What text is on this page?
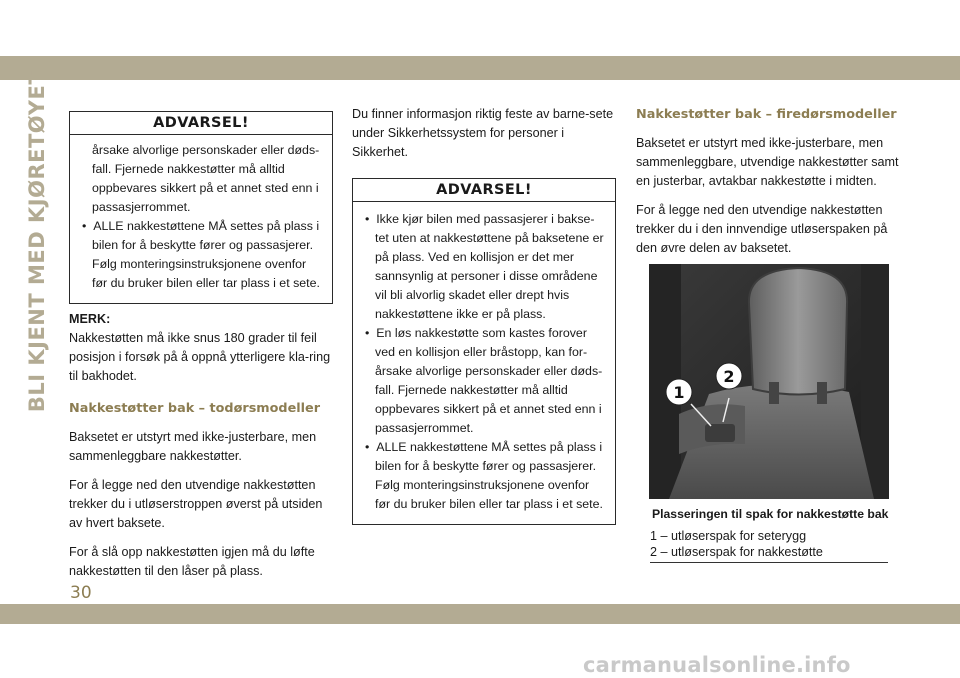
BLI KJENT MED KJØRETØYET	ADVARSEL!
årsake alvorlige personskader eller døds-fall. Fjernede nakkestøtter må alltid oppbevares sikkert på et annet sted enn i passasjerrommet.
•  ALLE nakkestøttene MÅ settes på plass i bilen for å beskytte fører og passasjerer. Følg monteringsinstruksjonene ovenfor før du bruker bilen eller tar plass i et sete.
MERK:

Nakkestøtten må ikke snus 180 grader til feil posisjon i forsøk på å oppnå ytterligere kla-ring til bakhodet.

Nakkestøtter bak – todørsmodeller

Baksetet er utstyrt med ikke-justerbare, men sammenleggbare nakkestøtter.

For å legge ned den utvendige nakkestøtten trekker du i utløserstroppen øverst på utsiden av hvert baksete.

For å slå opp nakkestøtten igjen må du løfte nakkestøtten til den låser på plass.

Du finner informasjon riktig feste av barne-sete under Sikkerhetssystem for personer i Sikkerhet.

ADVARSEL!
•  Ikke kjør bilen med passasjerer i bakse-tet uten at nakkestøttene på baksetene er på plass. Ved en kollisjon er det mer sannsynlig at personer i disse områdene vil bli alvorlig skadet eller drept hvis nakkestøttene ikke er på plass.
•  En løs nakkestøtte som kastes forover ved en kollisjon eller bråstopp, kan for-årsake alvorlige personskader eller døds-fall. Fjernede nakkestøtter må alltid oppbevares sikkert på et annet sted enn i passasjerrommet.
•  ALLE nakkestøttene MÅ settes på plass i bilen for å beskytte fører og passasjerer. Følg monteringsinstruksjonene ovenfor før du bruker bilen eller tar plass i et sete.
Nakkestøtter bak – firedørsmodeller

Baksetet er utstyrt med ikke-justerbare, men sammenleggbare, utvendige nakkestøtter samt en justerbar, avtakbar nakkestøtte i midten.

For å legge ned den utvendige nakkestøtten trekker du i den innvendige utløserspaken på den øvre delen av baksetet.

1
2
Plasseringen til spak for nakkestøtte bak
1 – utløserspak for seterygg
2 – utløserspak for nakkestøtte
30
carmanualsonline.info
